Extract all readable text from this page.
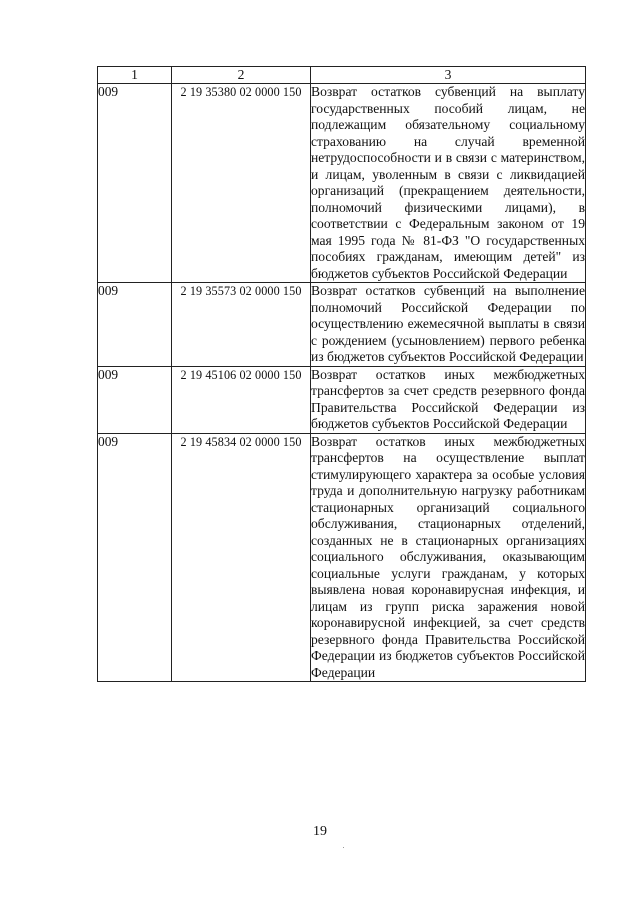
1	2	3
009	2 19 35380 02 0000 150	Возврат остатков субвенций на выплату государственных пособий лицам, не подлежащим обязательному социальному страхованию на случай временной нетрудоспособности и в связи с материнством, и лицам, уволенным в связи с ликвидацией организаций (прекращением деятельности, полномочий физическими лицами), в соответствии с Федеральным законом от 19 мая 1995 года № 81-ФЗ "О государственных пособиях гражданам, имеющим детей" из бюджетов субъектов Российской Федерации
009	2 19 35573 02 0000 150	Возврат остатков субвенций на выполнение полномочий Российской Федерации по осуществлению ежемесячной выплаты в связи с рождением (усыновлением) первого ребенка из бюджетов субъектов Российской Федерации
009	2 19 45106 02 0000 150	Возврат остатков иных межбюджетных трансфертов за счет средств резервного фонда Правительства Российской Федерации из бюджетов субъектов Российской Федерации
009	2 19 45834 02 0000 150	Возврат остатков иных межбюджетных трансфертов на осуществление выплат стимулирующего характера за особые условия труда и дополнительную нагрузку работникам стационарных организаций социального обслуживания, стационарных отделений, созданных не в стационарных организациях социального обслуживания, оказывающим социальные услуги гражданам, у которых выявлена новая коронавирусная инфекция, и лицам из групп риска заражения новой коронавирусной инфекцией, за счет средств резервного фонда Правительства Российской Федерации из бюджетов субъектов Российской Федерации
19
